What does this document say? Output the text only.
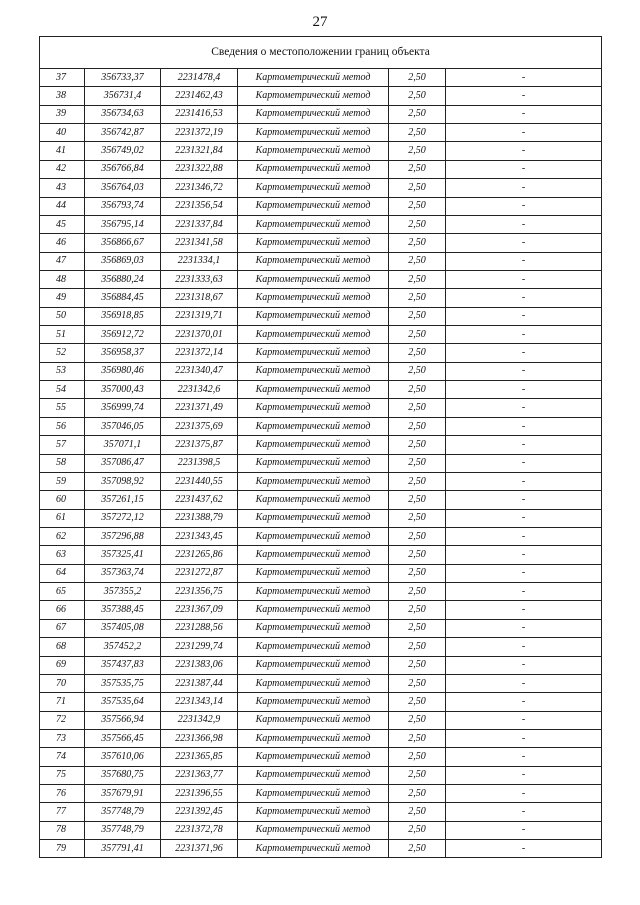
27
Сведения о местоположении границ объекта					
37	356733,37	2231478,4	Картометрический метод	2,50	-
38	356731,4	2231462,43	Картометрический метод	2,50	-
39	356734,63	2231416,53	Картометрический метод	2,50	-
40	356742,87	2231372,19	Картометрический метод	2,50	-
41	356749,02	2231321,84	Картометрический метод	2,50	-
42	356766,84	2231322,88	Картометрический метод	2,50	-
43	356764,03	2231346,72	Картометрический метод	2,50	-
44	356793,74	2231356,54	Картометрический метод	2,50	-
45	356795,14	2231337,84	Картометрический метод	2,50	-
46	356866,67	2231341,58	Картометрический метод	2,50	-
47	356869,03	2231334,1	Картометрический метод	2,50	-
48	356880,24	2231333,63	Картометрический метод	2,50	-
49	356884,45	2231318,67	Картометрический метод	2,50	-
50	356918,85	2231319,71	Картометрический метод	2,50	-
51	356912,72	2231370,01	Картометрический метод	2,50	-
52	356958,37	2231372,14	Картометрический метод	2,50	-
53	356980,46	2231340,47	Картометрический метод	2,50	-
54	357000,43	2231342,6	Картометрический метод	2,50	-
55	356999,74	2231371,49	Картометрический метод	2,50	-
56	357046,05	2231375,69	Картометрический метод	2,50	-
57	357071,1	2231375,87	Картометрический метод	2,50	-
58	357086,47	2231398,5	Картометрический метод	2,50	-
59	357098,92	2231440,55	Картометрический метод	2,50	-
60	357261,15	2231437,62	Картометрический метод	2,50	-
61	357272,12	2231388,79	Картометрический метод	2,50	-
62	357296,88	2231343,45	Картометрический метод	2,50	-
63	357325,41	2231265,86	Картометрический метод	2,50	-
64	357363,74	2231272,87	Картометрический метод	2,50	-
65	357355,2	2231356,75	Картометрический метод	2,50	-
66	357388,45	2231367,09	Картометрический метод	2,50	-
67	357405,08	2231288,56	Картометрический метод	2,50	-
68	357452,2	2231299,74	Картометрический метод	2,50	-
69	357437,83	2231383,06	Картометрический метод	2,50	-
70	357535,75	2231387,44	Картометрический метод	2,50	-
71	357535,64	2231343,14	Картометрический метод	2,50	-
72	357566,94	2231342,9	Картометрический метод	2,50	-
73	357566,45	2231366,98	Картометрический метод	2,50	-
74	357610,06	2231365,85	Картометрический метод	2,50	-
75	357680,75	2231363,77	Картометрический метод	2,50	-
76	357679,91	2231396,55	Картометрический метод	2,50	-
77	357748,79	2231392,45	Картометрический метод	2,50	-
78	357748,79	2231372,78	Картометрический метод	2,50	-
79	357791,41	2231371,96	Картометрический метод	2,50	-
